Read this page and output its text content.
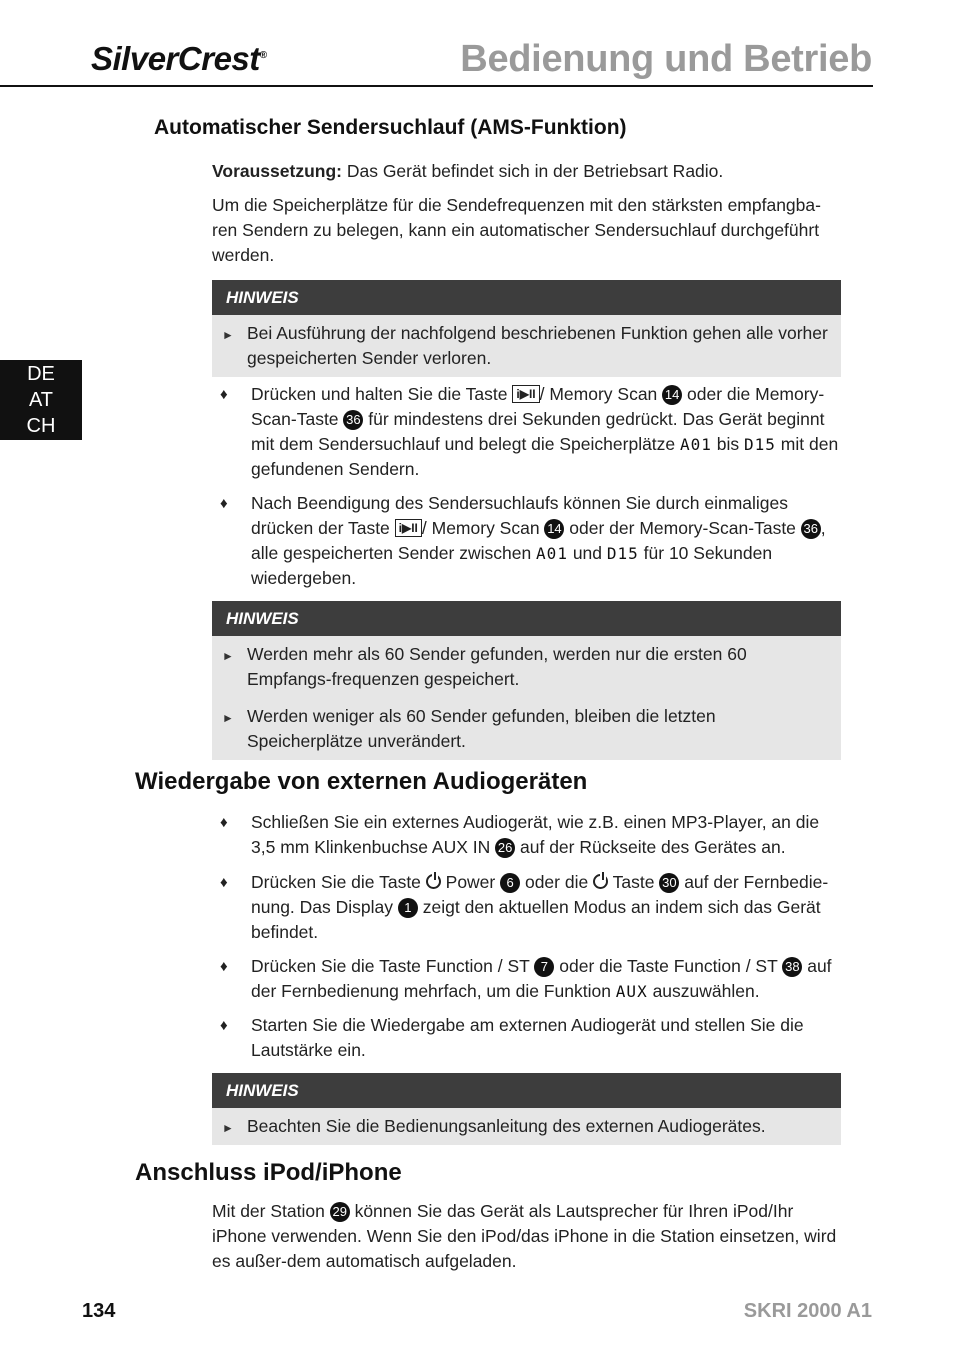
SilverCrest®	Bedienung und Betrieb
DE
AT
CH
Automatischer Sendersuchlauf (AMS-Funktion)
Voraussetzung: Das Gerät befindet sich in der Betriebsart Radio.
Um die Speicherplätze für die Sendefrequenzen mit den stärksten empfangba-ren Sendern zu belegen, kann ein automatischer Sendersuchlauf durchgeführt werden.
HINWEIS
► Bei Ausführung der nachfolgend beschriebenen Funktion gehen alle vorher gespeicherten Sender verloren.
♦ Drücken und halten Sie die Taste i▶II / Memory Scan 14 oder die Memory-Scan-Taste 36 für mindestens drei Sekunden gedrückt. Das Gerät beginnt mit dem Sendersuchlauf und belegt die Speicherplätze A01 bis D15 mit den gefundenen Sendern.
♦ Nach Beendigung des Sendersuchlaufs können Sie durch einmaliges drücken der Taste i▶II / Memory Scan 14 oder der Memory-Scan-Taste 36 , alle gespeicherten Sender zwischen A01 und D15 für 10 Sekunden wiedergeben.
HINWEIS
► Werden mehr als 60 Sender gefunden, werden nur die ersten 60 Empfangs-frequenzen gespeichert.
► Werden weniger als 60 Sender gefunden, bleiben die letzten Speicherplätze unverändert.
Wiedergabe von externen Audiogeräten
♦ Schließen Sie ein externes Audiogerät, wie z.B. einen MP3-Player, an die 3,5 mm Klinkenbuchse AUX IN 26 auf der Rückseite des Gerätes an.
♦ Drücken Sie die Taste  Power 6 oder die  Taste 30 auf der Fernbedie-nung. Das Display 1 zeigt den aktuellen Modus an indem sich das Gerät befindet.
♦ Drücken Sie die Taste Function / ST 7 oder die Taste Function / ST 38 auf der Fernbedienung mehrfach, um die Funktion AUX auszuwählen.
♦ Starten Sie die Wiedergabe am externen Audiogerät und stellen Sie die Lautstärke ein.
HINWEIS
► Beachten Sie die Bedienungsanleitung des externen Audiogerätes.
Anschluss iPod/iPhone
Mit der Station 29 können Sie das Gerät als Lautsprecher für Ihren iPod/Ihr iPhone verwenden. Wenn Sie den iPod/das iPhone in die Station einsetzen, wird es außer-dem automatisch aufgeladen.
134	SKRI 2000 A1
